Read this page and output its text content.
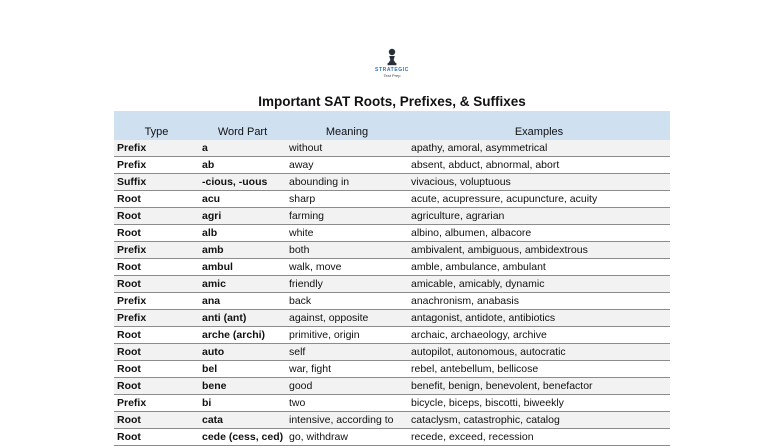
STRATEGIC
Test Prep
Important SAT Roots, Prefixes, & Suffixes
Type	Word Part	Meaning	Examples
Prefix	a	without	apathy, amoral, asymmetrical
Prefix	ab	away	absent, abduct, abnormal, abort
Suffix	-cious, -uous	abounding in	vivacious, voluptuous
Root	acu	sharp	acute, acupressure, acupuncture, acuity
Root	agri	farming	agriculture, agrarian
Root	alb	white	albino, albumen, albacore
Prefix	amb	both	ambivalent, ambiguous, ambidextrous
Root	ambul	walk, move	amble, ambulance, ambulant
Root	amic	friendly	amicable, amicably, dynamic
Prefix	ana	back	anachronism, anabasis
Prefix	anti (ant)	against, opposite	antagonist, antidote, antibiotics
Root	arche (archi)	primitive, origin	archaic, archaeology, archive
Root	auto	self	autopilot, autonomous, autocratic
Root	bel	war, fight	rebel, antebellum, bellicose
Root	bene	good	benefit, benign, benevolent, benefactor
Prefix	bi	two	bicycle, biceps, biscotti, biweekly
Root	cata	intensive, according to	cataclysm, catastrophic, catalog
Root	cede (cess, ced)	go, withdraw	recede, exceed, recession
